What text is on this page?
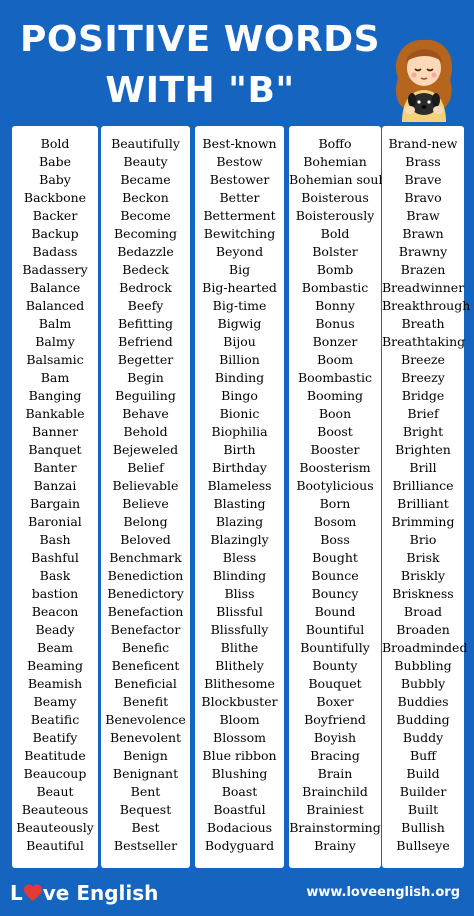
POSITIVE WORDS
WITH "B"
Bold
Babe
Baby
Backbone
Backer
Backup
Badass
Badassery
Balance
Balanced
Balm
Balmy
Balsamic
Bam
Banging
Bankable
Banner
Banquet
Banter
Banzai
Bargain
Baronial
Bash
Bashful
Bask
bastion
Beacon
Beady
Beam
Beaming
Beamish
Beamy
Beatific
Beatify
Beatitude
Beaucoup
Beaut
Beauteous
Beauteously
Beautiful
Beautifully
Beauty
Became
Beckon
Become
Becoming
Bedazzle
Bedeck
Bedrock
Beefy
Befitting
Befriend
Begetter
Begin
Beguiling
Behave
Behold
Bejeweled
Belief
Believable
Believe
Belong
Beloved
Benchmark
Benediction
Benedictory
Benefaction
Benefactor
Benefic
Beneficent
Beneficial
Benefit
Benevolence
Benevolent
Benign
Benignant
Bent
Bequest
Best
Bestseller
Best-known
Bestow
Bestower
Better
Betterment
Bewitching
Beyond
Big
Big-hearted
Big-time
Bigwig
Bijou
Billion
Binding
Bingo
Bionic
Biophilia
Birth
Birthday
Blameless
Blasting
Blazing
Blazingly
Bless
Blinding
Bliss
Blissful
Blissfully
Blithe
Blithely
Blithesome
Blockbuster
Bloom
Blossom
Blue ribbon
Blushing
Boast
Boastful
Bodacious
Bodyguard
Boffo
Bohemian
Bohemian soul
Boisterous
Boisterously
Bold
Bolster
Bomb
Bombastic
Bonny
Bonus
Bonzer
Boom
Boombastic
Booming
Boon
Boost
Booster
Boosterism
Bootylicious
Born
Bosom
Boss
Bought
Bounce
Bouncy
Bound
Bountiful
Bountifully
Bounty
Bouquet
Boxer
Boyfriend
Boyish
Bracing
Brain
Brainchild
Brainiest
Brainstorming
Brainy
Brand-new
Brass
Brave
Bravo
Braw
Brawn
Brawny
Brazen
Breadwinner
Breakthrough
Breath
Breathtaking
Breeze
Breezy
Bridge
Brief
Bright
Brighten
Brill
Brilliance
Brilliant
Brimming
Brio
Brisk
Briskly
Briskness
Broad
Broaden
Broadminded
Bubbling
Bubbly
Buddies
Budding
Buddy
Buff
Build
Builder
Built
Bullish
Bullseye
L ve English	www.loveenglish.org
